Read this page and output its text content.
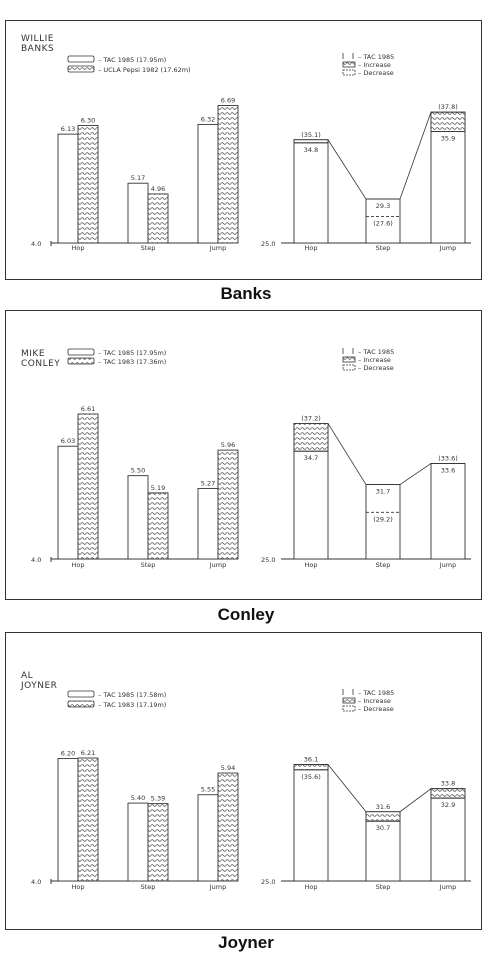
WILLIE
BANKS
– TAC 1985 (17.95m)
– UCLA Pepsi 1982 (17.62m)
– TAC 1985
– Increase
– Decrease
4.0
6.13
6.30
Hop
5.17
4.96
Step
6.32
6.69
Jump	25.0
34.8
(35.1)
Hop
29.3
(27.6)
Step
35.9
(37.8)
Jump
Banks
MIKE
CONLEY
– TAC 1985 (17.95m)
– TAC 1983 (17.36m)
– TAC 1985
– Increase
– Decrease
4.0
6.03
6.61
Hop
5.50
5.19
Step
5.27
5.96
Jump
25.0
34.7
(37.2)
Hop
31.7
(29.2)
Step
33.6
(33.6)
Jump
Conley
AL
JOYNER
– TAC 1985 (17.58m)
– TAC 1983 (17.19m)
– TAC 1985
– Increase
– Decrease
4.0
6.20 6.21
Hop
5.40 5.39
Step
5.55
5.94
Jump
25.0
(35.6)
36.1
Hop
30.7
31.6
Step
32.9
33.8
Jump
Joyner
